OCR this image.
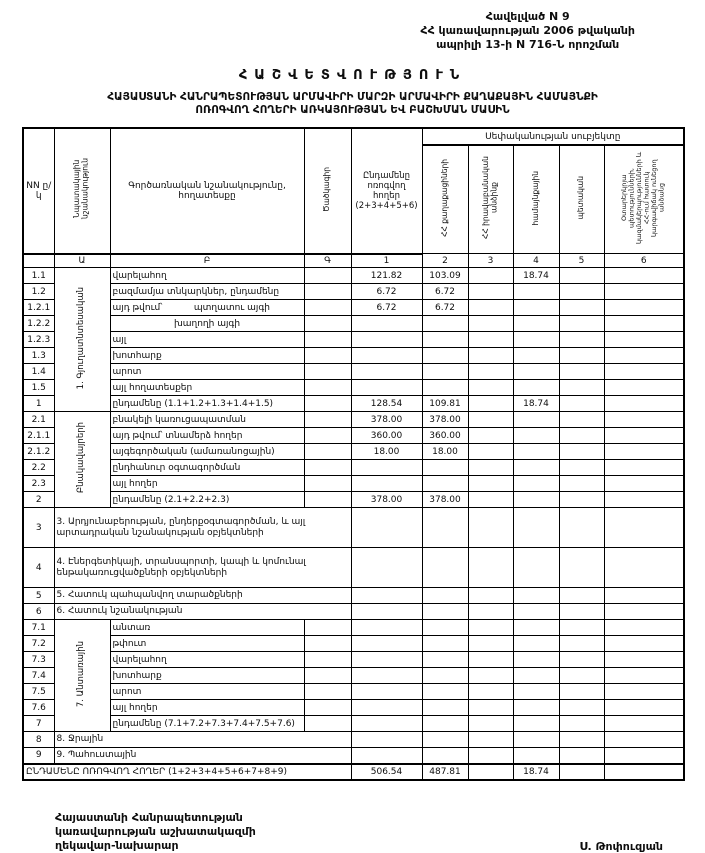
Հավելված N 9
ՀՀ կառավարության 2006 թվականի
ապրիլի 13-ի N 716-Ն որոշման
ՀԱՇՎԵՏՎՈՒԹՅՈՒՆ
ՀԱՅԱՍՏԱՆԻ ՀԱՆՐԱՊԵՏՈՒԹՅԱՆ ԱՐՄԱՎԻՐԻ ՄԱՐԶԻ ԱՐՄԱՎԻՐԻ ՔԱՂԱՔԱՅԻՆ ՀԱՄԱՅՆՔԻ
ՈՌՈԳՎՈՂ ՀՈՂԵՐԻ ԱՌԿԱՅՈՒԹՅԱՆ ԵՎ ԲԱՇԽՄԱՆ ՄԱՍԻՆ
NN ը/կ	Նպատակային նշանակություն	Գործառնական նշանակությունը, հողատեսքը	Ծածկագիր	Ընդամենը ոռոգվող հողեր (2+3+4+5+6)	Սեփականության սուբյեկտը				
					ՀՀ քաղաքացիների	ՀՀ իրավաբանական անձինք	համայնքային	պետական	Օտարերկրյա պետությունների, կազմակերպությունների և ՀՀ-ում հատուկ կարգավիճակ ունեցող անձանց
	Ա	Բ	Գ	1	2	3	4	5	6
1.1	1. Գյուղատնտեսական	վարելահող		121.82	103.09		18.74		
1.2		բազմամյա տնկարկներ, ընդամենը		6.72	6.72				
1.2.1		այդ թվում՝ պտղատու այգի		6.72	6.72				
1.2.2		խաղողի այգի							
1.2.3		այլ							
1.3		խոտհարք							
1.4		արոտ							
1.5		այլ հողատեսքեր							
1		ընդամենը (1.1+1.2+1.3+1.4+1.5)		128.54	109.81		18.74		
2.1	Բնակավայրերի	բնակելի կառուցապատման		378.00	378.00				
2.1.1		այդ թվում՝ տնամերձ հողեր		360.00	360.00				
2.1.2		այգեգործական (ամառանոցային)		18.00	18.00				
2.2		ընդհանուր օգտագործման							
2.3		այլ հողեր							
2		ընդամենը (2.1+2.2+2.3)		378.00	378.00				
3	3. Արդյունաբերության, ընդերքօգտագործման, և այլ արտադրական նշանակության օբյեկտների								
4	4. Էներգետիկայի, տրանսպորտի, կապի և կոմունալ ենթակառուցվածքների օբյեկտների								
5	5. Հատուկ պահպանվող տարածքների								
6	6. Հատուկ նշանակության								
7.1	7. Անտառային	անտառ							
7.2		թփուտ							
7.3		վարելահող							
7.4		խոտհարք							
7.5		արոտ							
7.6		այլ հողեր							
7		ընդամենը (7.1+7.2+7.3+7.4+7.5+7.6)							
8	8. Ջրային								
9	9. Պահուստային								
ԸՆԴԱՄԵՆԸ ՈՌՈԳՎՈՂ ՀՈՂԵՐ (1+2+3+4+5+6+7+8+9)				506.54	487.81		18.74		
Հայաստանի Հանրապետության
կառավարության աշխատակազմի
ղեկավար-նախարար	Ս. Թոփուզյան
